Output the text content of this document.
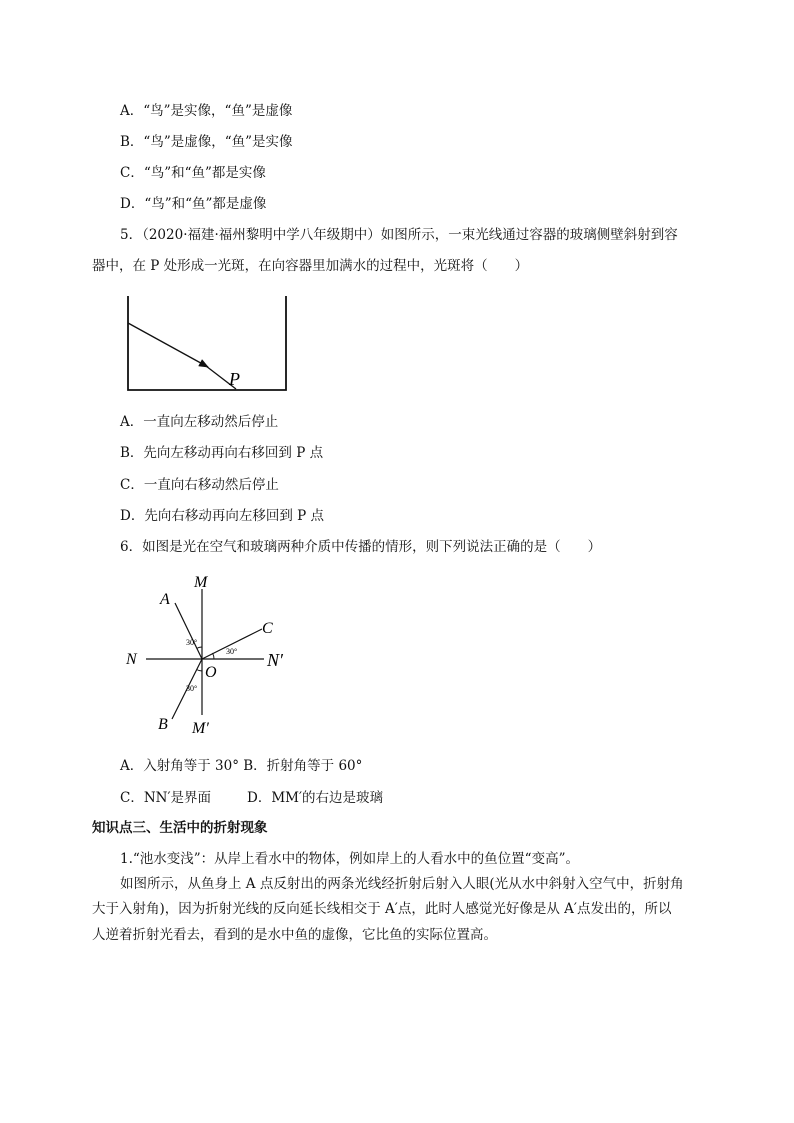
A．“鸟”是实像，“鱼”是虚像
B．“鸟”是虚像，“鱼”是实像
C．“鸟”和“鱼”都是实像
D．“鸟”和“鱼”都是虚像
5．（2020·福建·福州黎明中学八年级期中）如图所示，一束光线通过容器的玻璃侧壁斜射到容
器中，在 P 处形成一光斑，在向容器里加满水的过程中，光斑将（　　）
P
A．一直向左移动然后停止
B．先向左移动再向右移回到 P 点
C．一直向右移动然后停止
D．先向右移动再向左移回到 P 点
6．如图是光在空气和玻璃两种介质中传播的情形，则下列说法正确的是（　　）
M
M′
N	N′
A
B
C
O
30°
30°
30°
A．入射角等于 30° B．折射角等于 60°
C．NN′是界面	D．MM′的右边是玻璃
知识点三、生活中的折射现象
1.“池水变浅”：从岸上看水中的物体，例如岸上的人看水中的鱼位置“变高”。
如图所示，从鱼身上 A 点反射出的两条光线经折射后射入人眼(光从水中斜射入空气中，折射角
大于入射角)，因为折射光线的反向延长线相交于 A′点，此时人感觉光好像是从 A′点发出的，所以
人逆着折射光看去，看到的是水中鱼的虚像，它比鱼的实际位置高。
